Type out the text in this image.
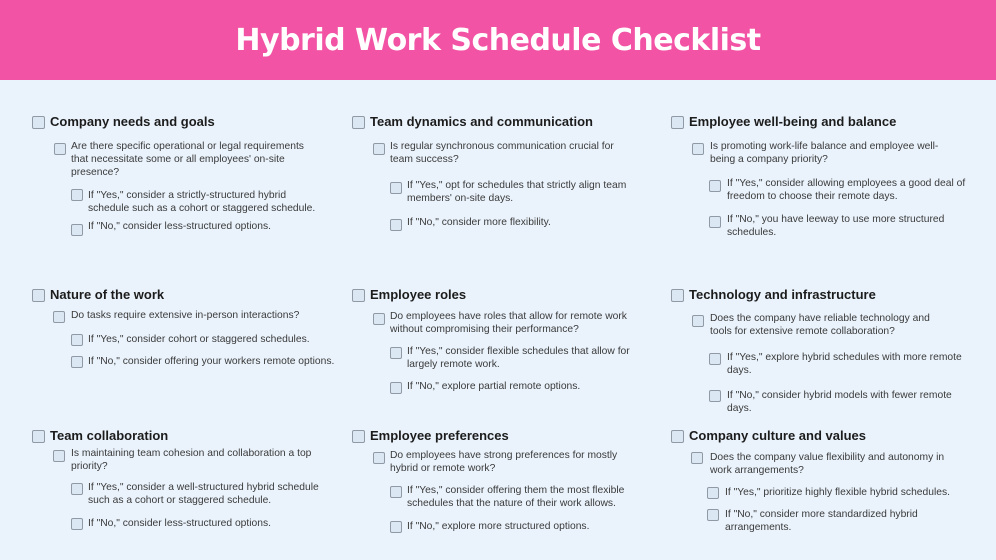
Hybrid Work Schedule Checklist
Company needs and goals
Are there specific operational or legal requirements that necessitate some or all employees' on-site presence?
If "Yes," consider a strictly-structured hybrid schedule such as a cohort or staggered schedule.
If "No," consider less-structured options.
Team dynamics and communication
Is regular synchronous communication crucial for team success?
If "Yes," opt for schedules that strictly align team members' on-site days.
If "No," consider more flexibility.
Employee well-being and balance
Is promoting work-life balance and employee well-being a company priority?
If "Yes," consider allowing employees a good deal of freedom to choose their remote days.
If "No," you have leeway to use more structured schedules.
Nature of the work
Do tasks require extensive in-person interactions?
If "Yes," consider cohort or staggered schedules.
If "No," consider offering your workers remote options.
Employee roles
Do employees have roles that allow for remote work without compromising their performance?
If "Yes," consider flexible schedules that allow for largely remote work.
If "No," explore partial remote options.
Technology and infrastructure
Does the company have reliable technology and tools for extensive remote collaboration?
If "Yes," explore hybrid schedules with more remote days.
If "No," consider hybrid models with fewer remote days.
Team collaboration
Is maintaining team cohesion and collaboration a top priority?
If "Yes," consider a well-structured hybrid schedule such as a cohort or staggered schedule.
If "No," consider less-structured options.
Employee preferences
Do employees have strong preferences for mostly hybrid or remote work?
If "Yes," consider offering them the most flexible schedules that the nature of their work allows.
If "No," explore more structured options.
Company culture and values
Does the company value flexibility and autonomy in work arrangements?
If "Yes," prioritize highly flexible hybrid schedules.
If "No," consider more standardized hybrid arrangements.
